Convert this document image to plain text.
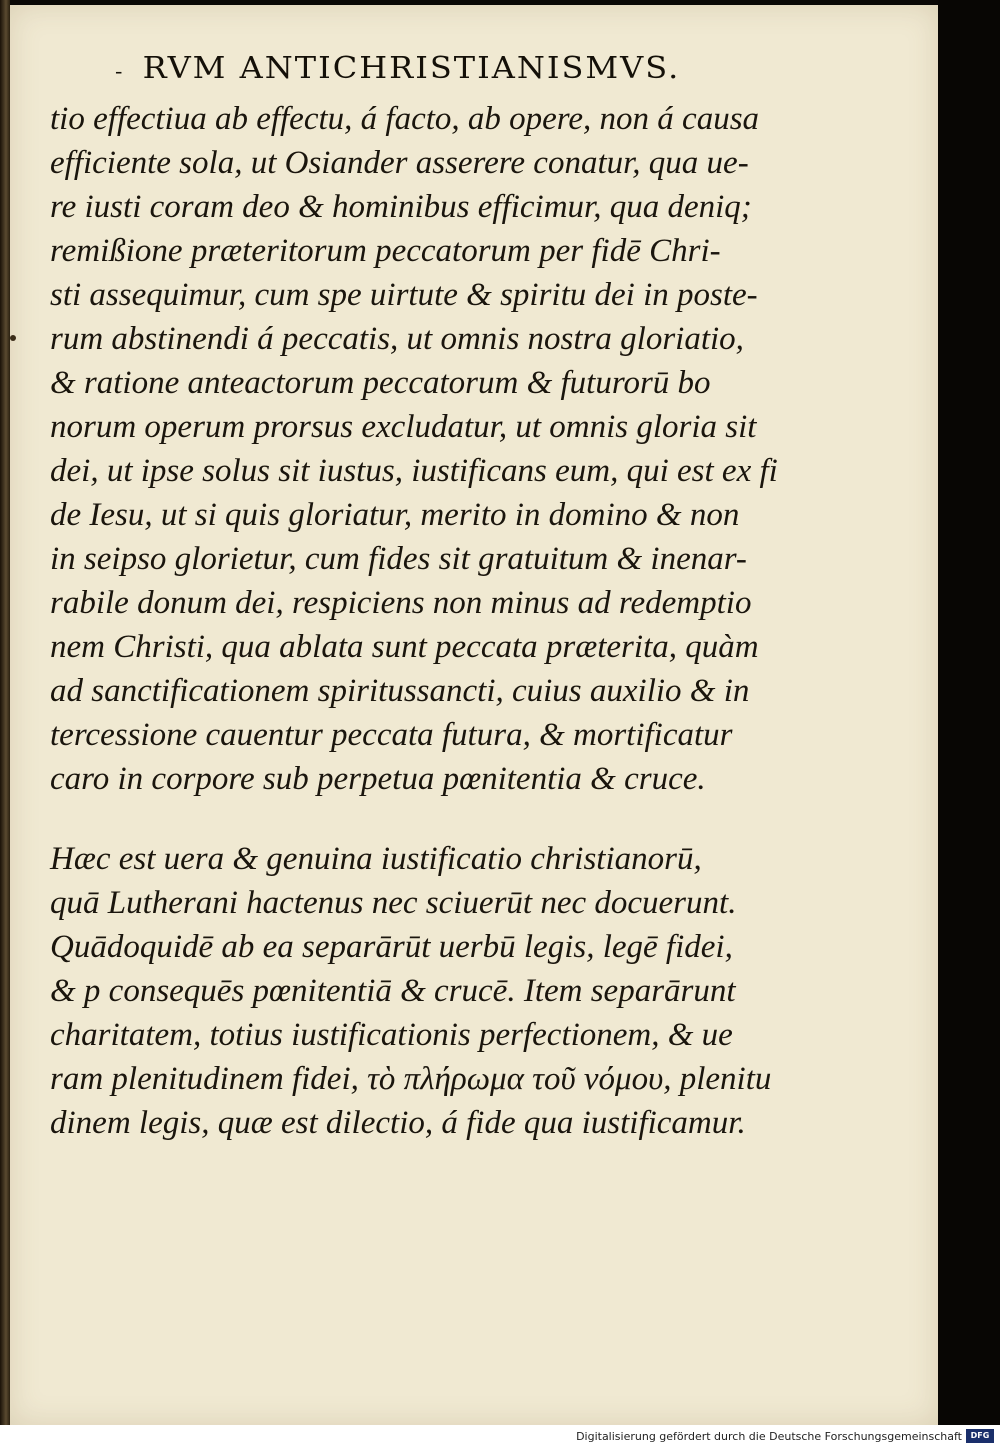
- RVM ANTICHRISTIANISMVS.
tio effectiua ab effectu, á facto, ab opere, non á causa
efficiente sola, ut Osiander asserere conatur, qua ue-
re iusti coram deo & hominibus efficimur, qua deniq;
remißione præteritorum peccatorum per fidē Chri-
sti assequimur, cum spe uirtute & spiritu dei in poste-
rum abstinendi á peccatis, ut omnis nostra gloriatio,
& ratione anteactorum peccatorum & futurorū bo
norum operum prorsus excludatur, ut omnis gloria sit
dei, ut ipse solus sit iustus, iustificans eum, qui est ex fi
de Iesu, ut si quis gloriatur, merito in domino & non
in seipso glorietur, cum fides sit gratuitum & inenar-
rabile donum dei, respiciens non minus ad redemptio
nem Christi, qua ablata sunt peccata præterita, quàm
ad sanctificationem spiritussancti, cuius auxilio & in
tercessione cauentur peccata futura, & mortificatur
caro in corpore sub perpetua pœnitentia & cruce.
Hæc est uera & genuina iustificatio christianorū,
quā Lutherani hactenus nec sciuerūt nec docuerunt.
Quādoquidē ab ea separārūt uerbū legis, legē fidei,
& p consequēs pœnitentiā & crucē. Item separārunt
charitatem, totius iustificationis perfectionem, & ue
ram plenitudinem fidei, τὸ πλήρωμα τοῦ νόμου, plenitu
dinem legis, quæ est dilectio, á fide qua iustificamur.
Digitalisierung gefördert durch die Deutsche Forschungsgemeinschaft	DFG
